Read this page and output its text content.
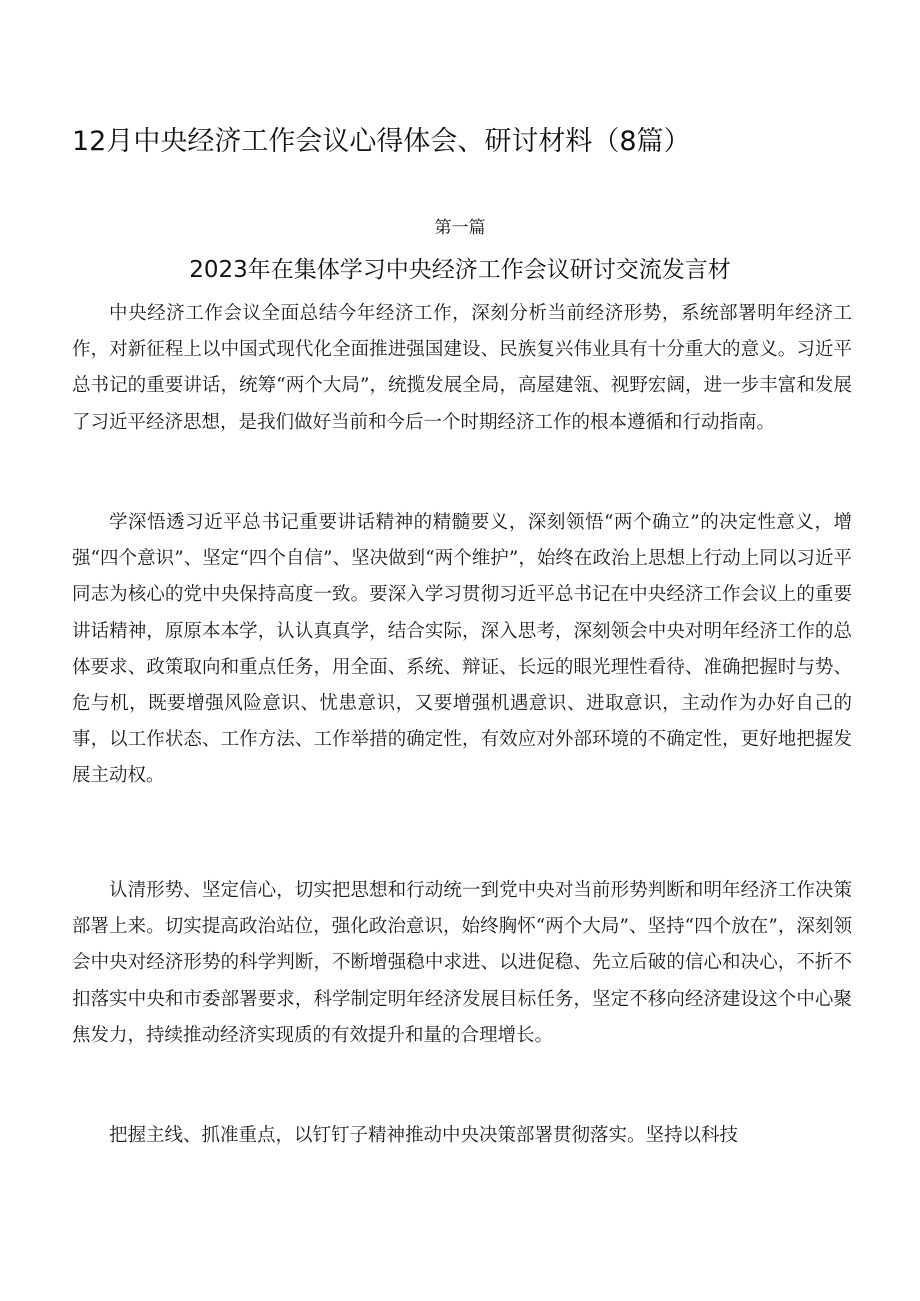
12月中央经济工作会议心得体会、研讨材料（8篇）
第一篇
2023年在集体学习中央经济工作会议研讨交流发言材

中央经济工作会议全面总结今年经济工作，深刻分析当前经济形势，系统部署明年经济工作，对新征程上以中国式现代化全面推进强国建设、民族复兴伟业具有十分重大的意义。习近平总书记的重要讲话，统筹“两个大局”，统揽发展全局，高屋建瓴、视野宏阔，进一步丰富和发展了习近平经济思想，是我们做好当前和今后一个时期经济工作的根本遵循和行动指南。

学深悟透习近平总书记重要讲话精神的精髓要义，深刻领悟“两个确立”的决定性意义，增强“四个意识”、坚定“四个自信”、坚决做到“两个维护”，始终在政治上思想上行动上同以习近平同志为核心的党中央保持高度一致。要深入学习贯彻习近平总书记在中央经济工作会议上的重要讲话精神，原原本本学，认认真真学，结合实际，深入思考，深刻领会中央对明年经济工作的总体要求、政策取向和重点任务，用全面、系统、辩证、长远的眼光理性看待、准确把握时与势、危与机，既要增强风险意识、忧患意识，又要增强机遇意识、进取意识，主动作为办好自己的事，以工作状态、工作方法、工作举措的确定性，有效应对外部环境的不确定性，更好地把握发展主动权。

认清形势、坚定信心，切实把思想和行动统一到党中央对当前形势判断和明年经济工作决策部署上来。切实提高政治站位，强化政治意识，始终胸怀“两个大局”、坚持“四个放在”，深刻领会中央对经济形势的科学判断，不断增强稳中求进、以进促稳、先立后破的信心和决心，不折不扣落实中央和市委部署要求，科学制定明年经济发展目标任务，坚定不移向经济建设这个中心聚焦发力，持续推动经济实现质的有效提升和量的合理增长。

把握主线、抓准重点，以钉钉子精神推动中央决策部署贯彻落实。坚持以科技
